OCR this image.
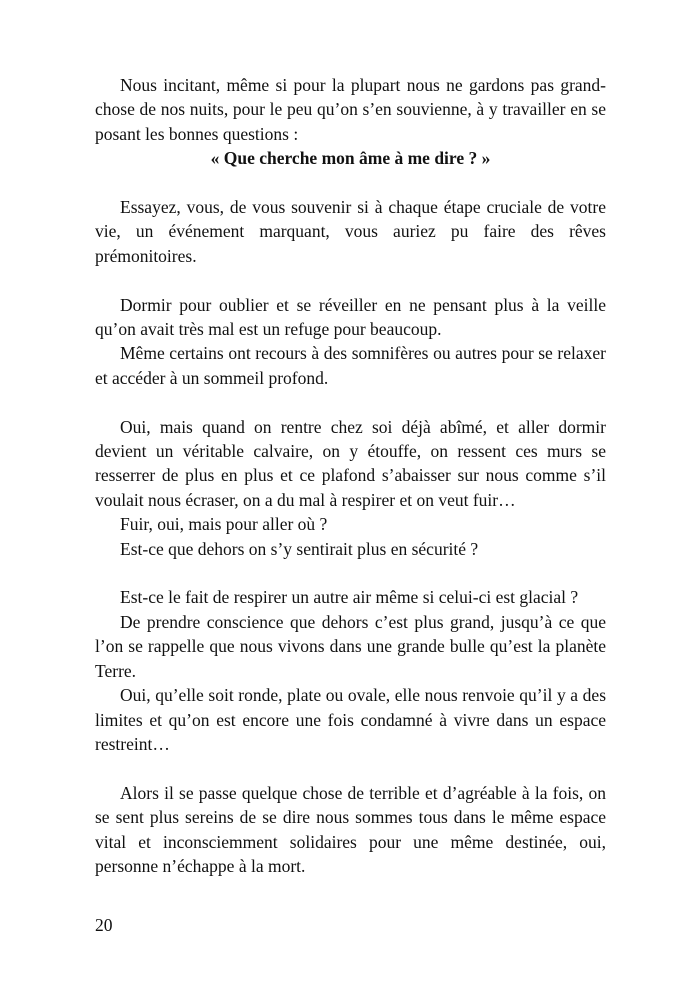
Nous incitant, même si pour la plupart nous ne gardons pas grand-chose de nos nuits, pour le peu qu’on s’en souvienne, à y travailler en se posant les bonnes questions :

« Que cherche mon âme à me dire ? »

Essayez, vous, de vous souvenir si à chaque étape cruciale de votre vie, un événement marquant, vous auriez pu faire des rêves prémonitoires.

Dormir pour oublier et se réveiller en ne pensant plus à la veille qu’on avait très mal est un refuge pour beaucoup.

Même certains ont recours à des somnifères ou autres pour se relaxer et accéder à un sommeil profond.

Oui, mais quand on rentre chez soi déjà abîmé, et aller dormir devient un véritable calvaire, on y étouffe, on ressent ces murs se resserrer de plus en plus et ce plafond s’abaisser sur nous comme s’il voulait nous écraser, on a du mal à respirer et on veut fuir…

Fuir, oui, mais pour aller où ?

Est-ce que dehors on s’y sentirait plus en sécurité ?

Est-ce le fait de respirer un autre air même si celui-ci est glacial ?

De prendre conscience que dehors c’est plus grand, jusqu’à ce que l’on se rappelle que nous vivons dans une grande bulle qu’est la planète Terre.

Oui, qu’elle soit ronde, plate ou ovale, elle nous renvoie qu’il y a des limites et qu’on est encore une fois condamné à vivre dans un espace restreint…

Alors il se passe quelque chose de terrible et d’agréable à la fois, on se sent plus sereins de se dire nous sommes tous dans le même espace vital et inconsciemment solidaires pour une même destinée, oui, personne n’échappe à la mort.

20
